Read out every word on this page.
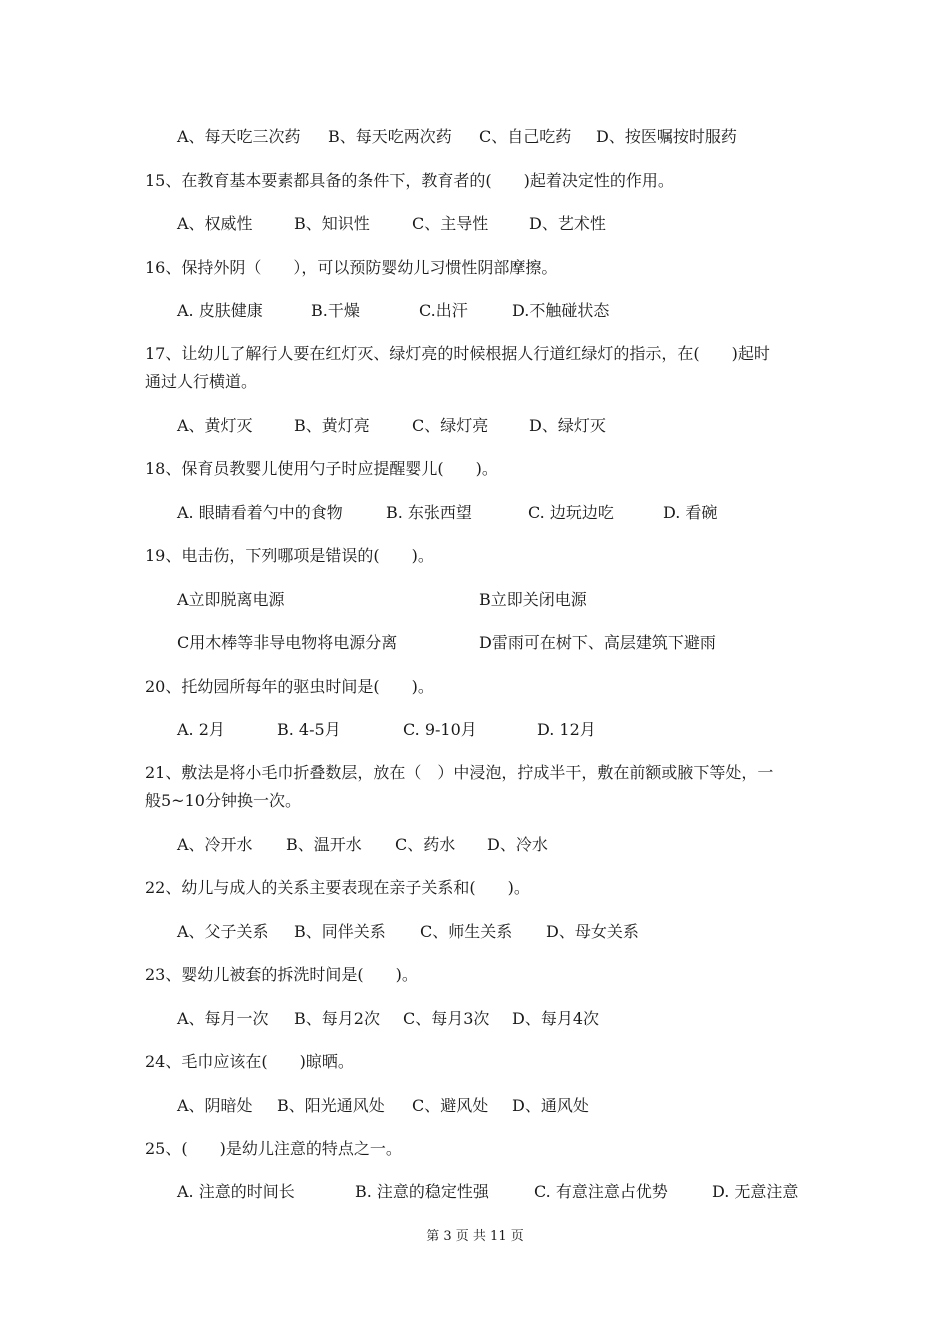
A、每天吃三次药 B、每天吃两次药 C、自己吃药 D、按医嘱按时服药
15、在教育基本要素都具备的条件下，教育者的(　　)起着决定性的作用。
A、权威性	B、知识性	C、主导性	D、艺术性
16、保持外阴（　　），可以预防婴幼儿习惯性阴部摩擦。
A. 皮肤健康	B.干燥	C.出汗	D.不触碰状态
17、让幼儿了解行人要在红灯灭、绿灯亮的时候根据人行道红绿灯的指示，在(　　)起时
通过人行横道。
A、黄灯灭	B、黄灯亮	C、绿灯亮	D、绿灯灭
18、保育员教婴儿使用勺子时应提醒婴儿(　　)。
A. 眼睛看着勺中的食物	B. 东张西望	C. 边玩边吃	D. 看碗
19、电击伤，下列哪项是错误的(　　)。
A立即脱离电源	B立即关闭电源
C用木棒等非导电物将电源分离	D雷雨可在树下、高层建筑下避雨
20、托幼园所每年的驱虫时间是(　　)。
A. 2月	B. 4-5月	C. 9-10月	D. 12月
21、敷法是将小毛巾折叠数层，放在（　）中浸泡，拧成半干，敷在前额或腋下等处，一
般5~10分钟换一次。
A、冷开水 B、温开水 C、药水 D、冷水
22、幼儿与成人的关系主要表现在亲子关系和(　　)。
A、父子关系 B、同伴关系 C、师生关系 D、母女关系
23、婴幼儿被套的拆洗时间是(　　)。
A、每月一次 B、每月2次 C、每月3次 D、每月4次
24、毛巾应该在(　　)晾晒。
A、阴暗处 B、阳光通风处 C、避风处 D、通风处
25、(　　)是幼儿注意的特点之一。
A. 注意的时间长	B. 注意的稳定性强	C. 有意注意占优势	D. 无意注意
第 3 页 共 11 页
